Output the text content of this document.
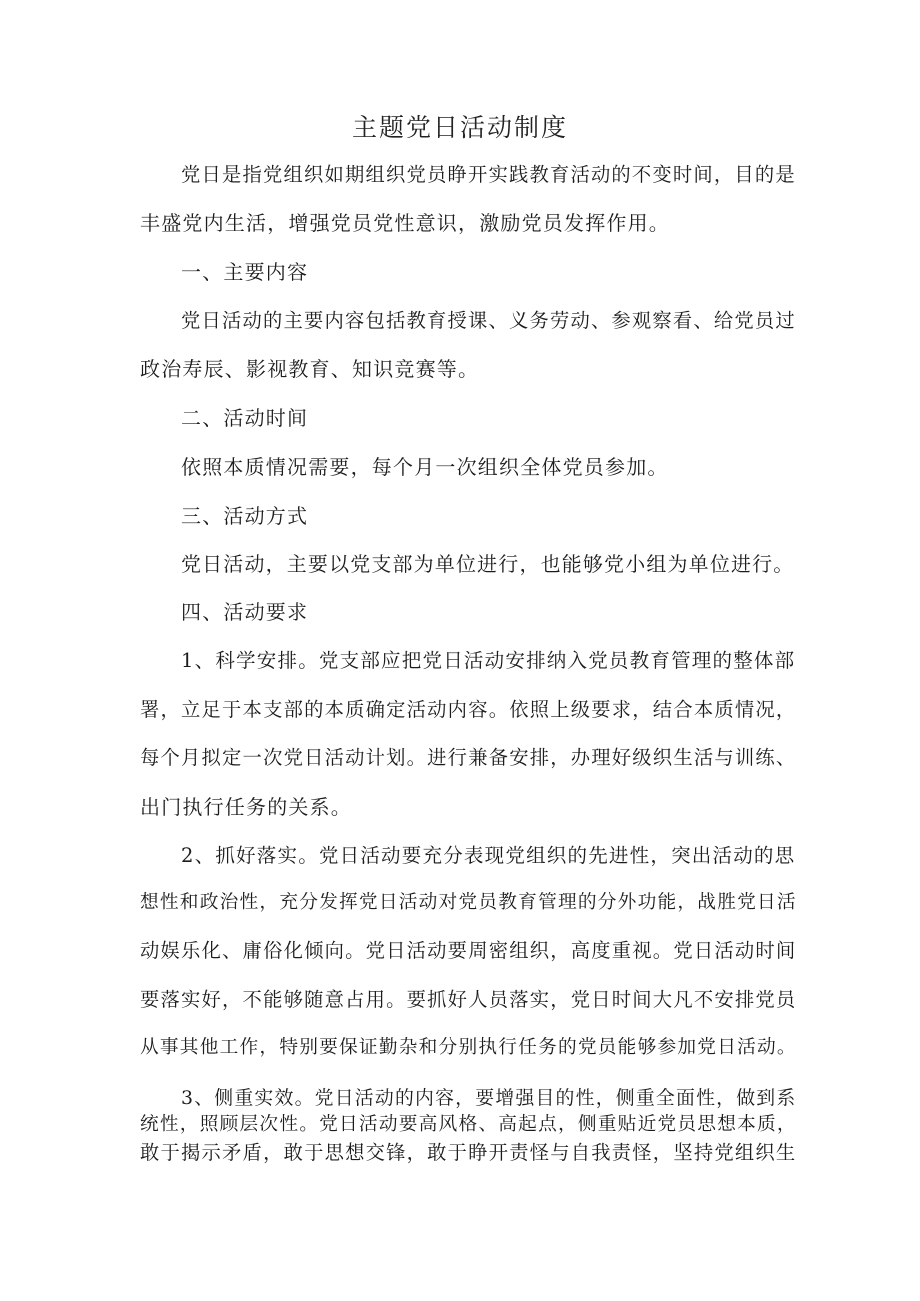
主题党日活动制度
党日是指党组织如期组织党员睁开实践教育活动的不变时间，目的是
丰盛党内生活，增强党员党性意识，激励党员发挥作用。
一、主要内容
党日活动的主要内容包括教育授课、义务劳动、参观察看、给党员过
政治寿辰、影视教育、知识竞赛等。
二、活动时间
依照本质情况需要，每个月一次组织全体党员参加。
三、活动方式
党日活动，主要以党支部为单位进行，也能够党小组为单位进行。
四、活动要求
1、科学安排。党支部应把党日活动安排纳入党员教育管理的整体部
署，立足于本支部的本质确定活动内容。依照上级要求，结合本质情况，
每个月拟定一次党日活动计划。进行兼备安排，办理好级织生活与训练、
出门执行任务的关系。
2、抓好落实。党日活动要充分表现党组织的先进性，突出活动的思
想性和政治性，充分发挥党日活动对党员教育管理的分外功能，战胜党日活
动娱乐化、庸俗化倾向。党日活动要周密组织，高度重视。党日活动时间
要落实好，不能够随意占用。要抓好人员落实，党日时间大凡不安排党员
从事其他工作，特别要保证勤杂和分别执行任务的党员能够参加党日活动。
3、侧重实效。党日活动的内容，要增强目的性，侧重全面性，做到系
统性，照顾层次性。党日活动要高风格、高起点，侧重贴近党员思想本质，
敢于揭示矛盾，敢于思想交锋，敢于睁开责怪与自我责怪，坚持党组织生
